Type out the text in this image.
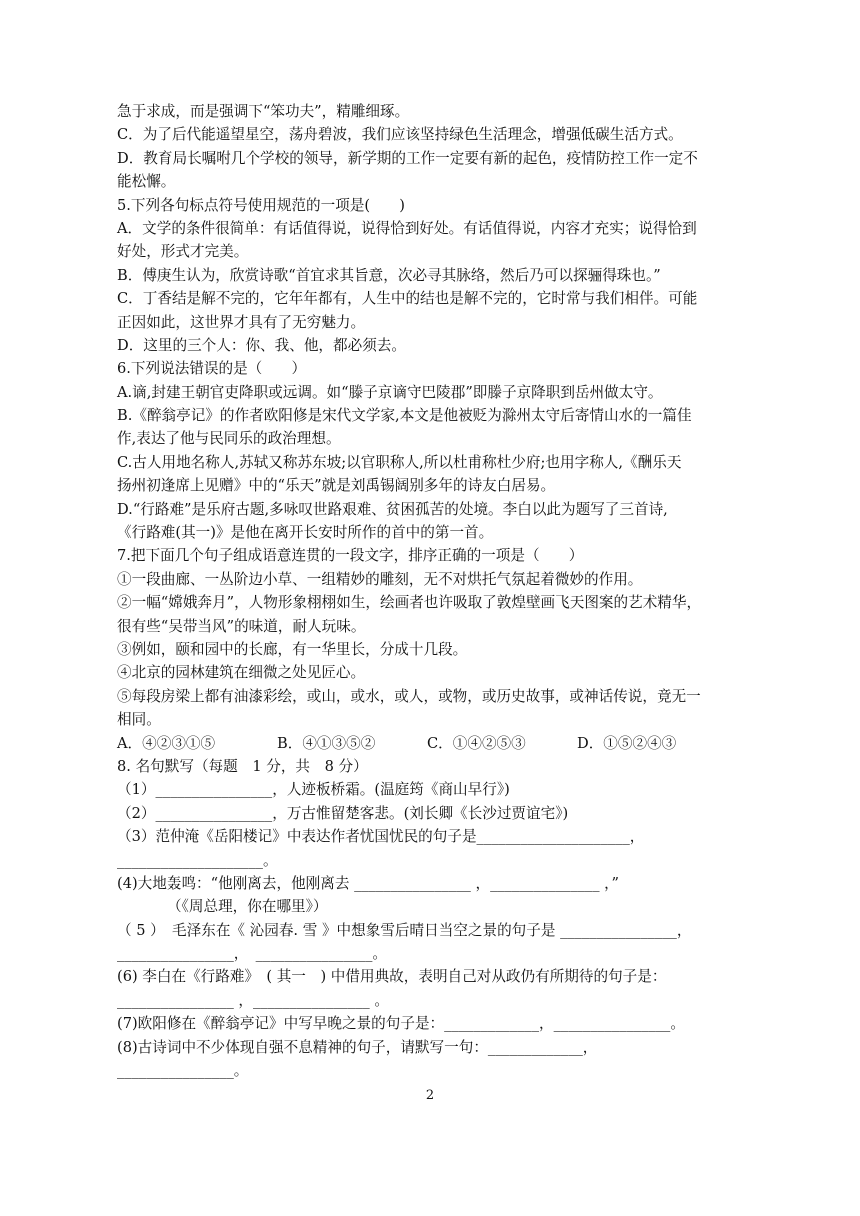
急于求成，而是强调下“笨功夫”，精雕细琢。
C．为了后代能遥望星空，荡舟碧波，我们应该坚持绿色生活理念，增强低碳生活方式。
D．教育局长嘱咐几个学校的领导，新学期的工作一定要有新的起色，疫情防控工作一定不
能松懈。
5.下列各句标点符号使用规范的一项是(　　)
A．文学的条件很简单：有话值得说，说得恰到好处。有话值得说，内容才充实；说得恰到
好处，形式才完美。
B．傅庚生认为，欣赏诗歌“首宜求其旨意，次必寻其脉络，然后乃可以探骊得珠也。”
C．丁香结是解不完的，它年年都有，人生中的结也是解不完的，它时常与我们相伴。可能
正因如此，这世界才具有了无穷魅力。
D．这里的三个人：你、我、他，都必须去。
6.下列说法错误的是（　　）
A.谪,封建王朝官吏降职或远调。如“滕子京谪守巴陵郡”即滕子京降职到岳州做太守。
B.《醉翁亭记》的作者欧阳修是宋代文学家,本文是他被贬为滁州太守后寄情山水的一篇佳
作,表达了他与民同乐的政治理想。
C.古人用地名称人,苏轼又称苏东坡;以官职称人,所以杜甫称杜少府;也用字称人,《酬乐天
扬州初逢席上见赠》中的“乐天”就是刘禹锡阔别多年的诗友白居易。
D.“行路难”是乐府古题,多咏叹世路艰难、贫困孤苦的处境。李白以此为题写了三首诗,
《行路难(其一)》是他在离开长安时所作的首中的第一首。
7.把下面几个句子组成语意连贯的一段文字，排序正确的一项是（　　）
①一段曲廊、一丛阶边小草、一组精妙的雕刻，无不对烘托气氛起着微妙的作用。
②一幅“嫦娥奔月”，人物形象栩栩如生，绘画者也许吸取了敦煌壁画飞天图案的艺术精华，
很有些“吴带当风”的味道，耐人玩味。
③例如，颐和园中的长廊，有一华里长，分成十几段。
④北京的园林建筑在细微之处见匠心。
⑤每段房梁上都有油漆彩绘，或山，或水，或人，或物，或历史故事，或神话传说，竟无一
相同。
A．④②③①⑤	B．④①③⑤②	C．①④②⑤③	D．①⑤②④③
8. 名句默写（每题　1 分，共　8 分）
（1）________________，人迹板桥霜。(温庭筠《商山早行》)
（2）________________，万古惟留楚客悲。(刘长卿《长沙过贾谊宅》)
（3）范仲淹《岳阳楼记》中表达作者忧国忧民的句子是_____________________，
____________________。
(4)大地轰鸣：“他刚离去，他刚离去 ________________ ，_______________ ，”
（《周总理，你在哪里》）
（ 5 ）　毛泽东在《 沁园春. 雪 》中想象雪后晴日当空之景的句子是 ________________，
________________，　________________。
(6) 李白在《行路难》　( 其一　) 中借用典故，表明自己对从政仍有所期待的句子是：
________________ ，________________ 。
(7)欧阳修在《醉翁亭记》中写早晚之景的句子是：_____________，________________。
(8)古诗词中不少体现自强不息精神的句子，请默写一句：_____________，
________________。
2
